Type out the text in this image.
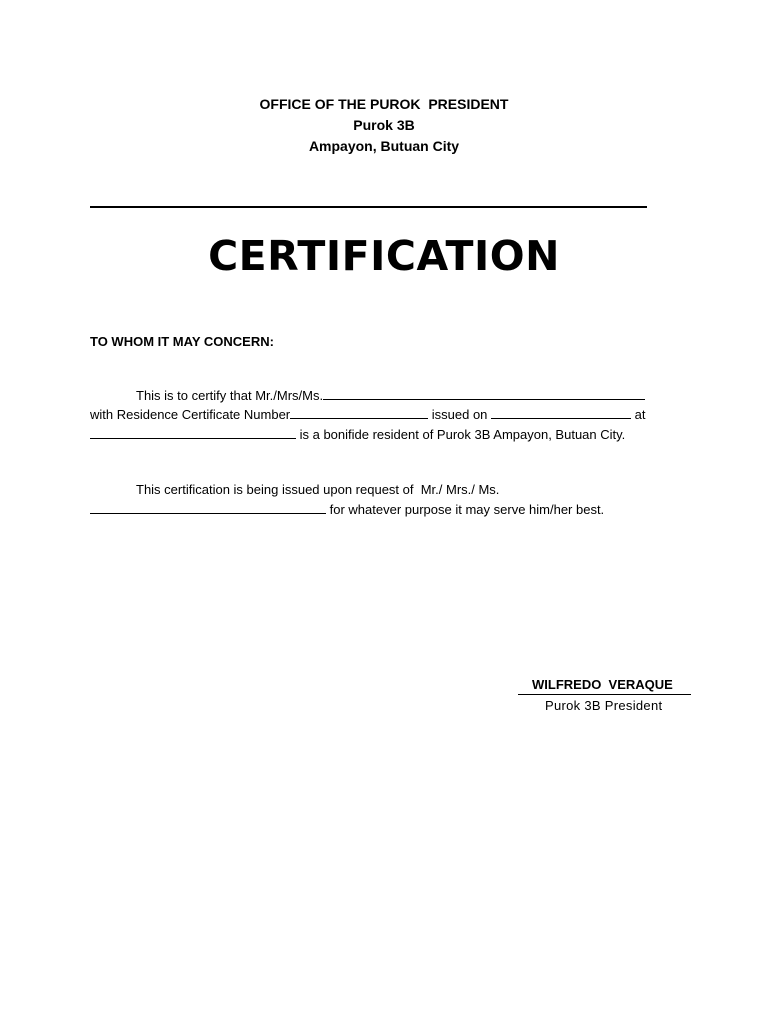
OFFICE OF THE PUROK  PRESIDENT
Purok 3B
Ampayon, Butuan City
CERTIFICATION
TO WHOM IT MAY CONCERN:
This is to certify that Mr./Mrs/Ms.
with Residence Certificate Number	issued on	at
is a bonifide resident of Purok 3B Ampayon, Butuan City.
This certification is being issued upon request of  Mr./ Mrs./ Ms.
for whatever purpose it may serve him/her best.
WILFREDO  VERAQUE
Purok 3B President
